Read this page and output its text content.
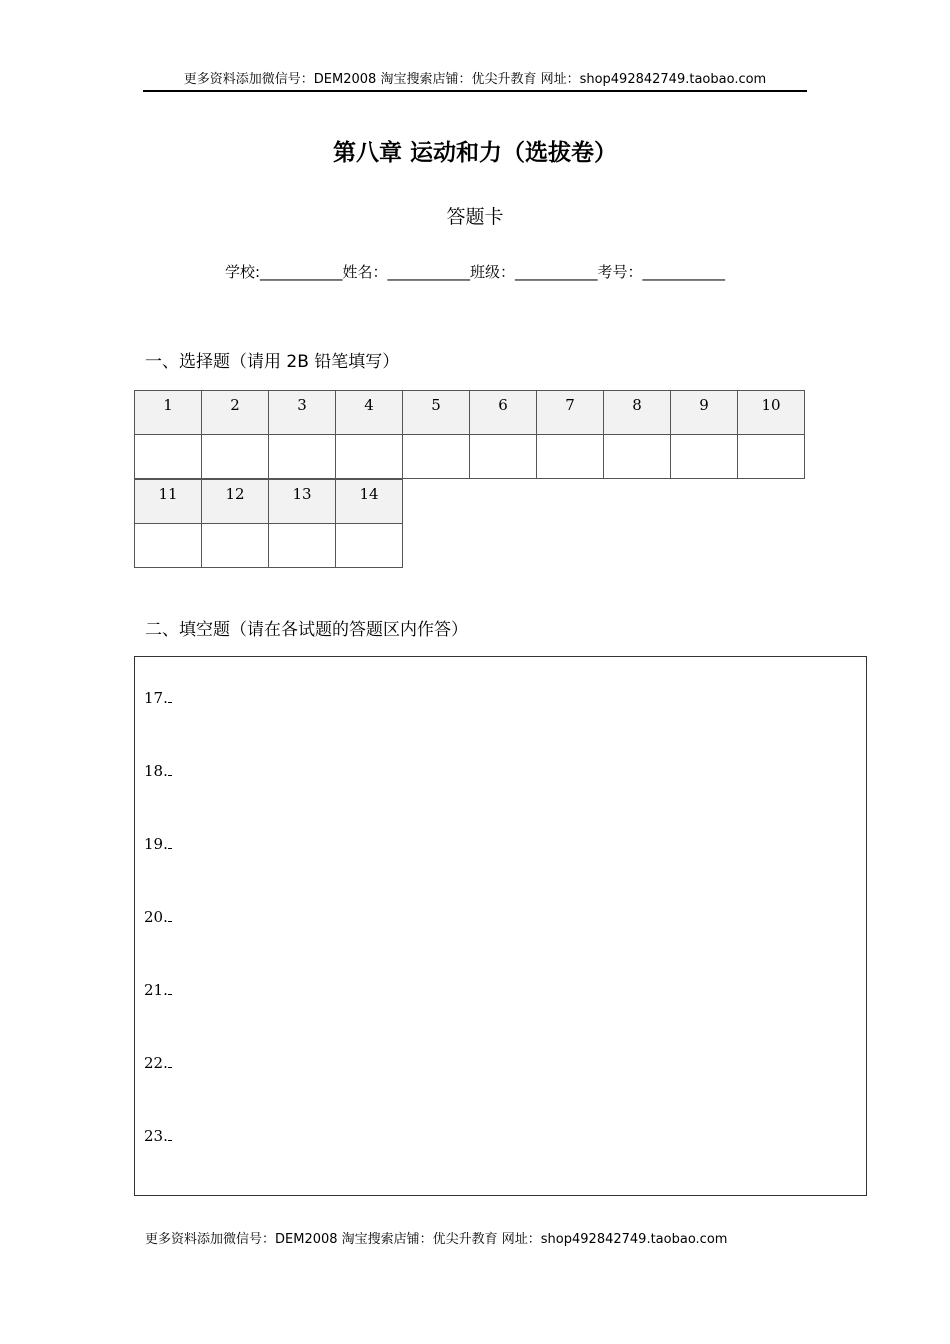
更多资料添加微信号：DEM2008 淘宝搜索店铺：优尖升教育 网址：shop492842749.taobao.com
第八章 运动和力（选拔卷）
答题卡
学校:___________姓名：___________班级：___________考号：___________
一、选择题（请用 2B 铅笔填写）
1	2	3	4	5	6	7	8	9	10

11	12	13	14

二、填空题（请在各试题的答题区内作答）
17.
18.
19.
20.
21.
22.
23.
更多资料添加微信号：DEM2008 淘宝搜索店铺：优尖升教育 网址：shop492842749.taobao.com
